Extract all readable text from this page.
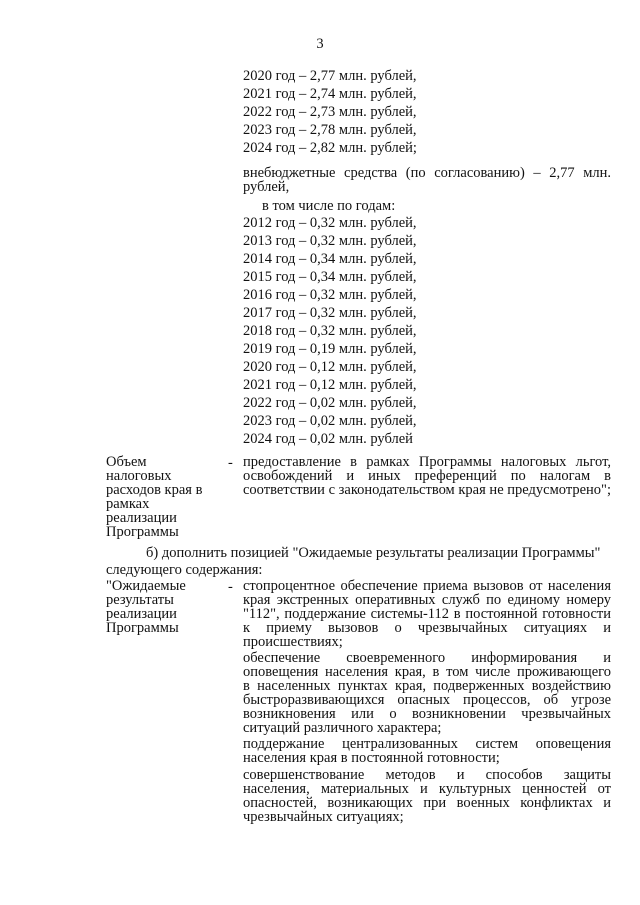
3
2020 год – 2,77 млн. рублей,
2021 год – 2,74 млн. рублей,
2022 год – 2,73 млн. рублей,
2023 год – 2,78 млн. рублей,
2024 год – 2,82 млн. рублей;
внебюджетные средства (по согласованию) – 2,77 млн.
рублей,
в том числе по годам:
2012 год – 0,32 млн. рублей,
2013 год – 0,32 млн. рублей,
2014 год – 0,34 млн. рублей,
2015 год – 0,34 млн. рублей,
2016 год – 0,32 млн. рублей,
2017 год – 0,32 млн. рублей,
2018 год – 0,32 млн. рублей,
2019 год – 0,19 млн. рублей,
2020 год – 0,12 млн. рублей,
2021 год – 0,12 млн. рублей,
2022 год – 0,02 млн. рублей,
2023 год – 0,02 млн. рублей,
2024 год – 0,02 млн. рублей
Объем
налоговых
расходов края в
рамках
реализации
Программы
- предоставление в рамках Программы налоговых льгот,
освобождений и иных преференций по налогам в
соответствии с законодательством края не предусмотрено";
б) дополнить позицией "Ожидаемые результаты реализации Программы"
следующего содержания:
"Ожидаемые
результаты
реализации
Программы
- стопроцентное обеспечение приема вызовов от населения
края экстренных оперативных служб по единому номеру
"112", поддержание системы-112 в постоянной готовности
к приему вызовов о чрезвычайных ситуациях и
происшествиях;
обеспечение своевременного информирования и
оповещения населения края, в том числе проживающего
в населенных пунктах края, подверженных воздействию
быстроразвивающихся опасных процессов, об угрозе
возникновения или о возникновении чрезвычайных
ситуаций различного характера;
поддержание централизованных систем оповещения
населения края в постоянной готовности;
совершенствование методов и способов защиты
населения, материальных и культурных ценностей от
опасностей, возникающих при военных конфликтах и
чрезвычайных ситуациях;
